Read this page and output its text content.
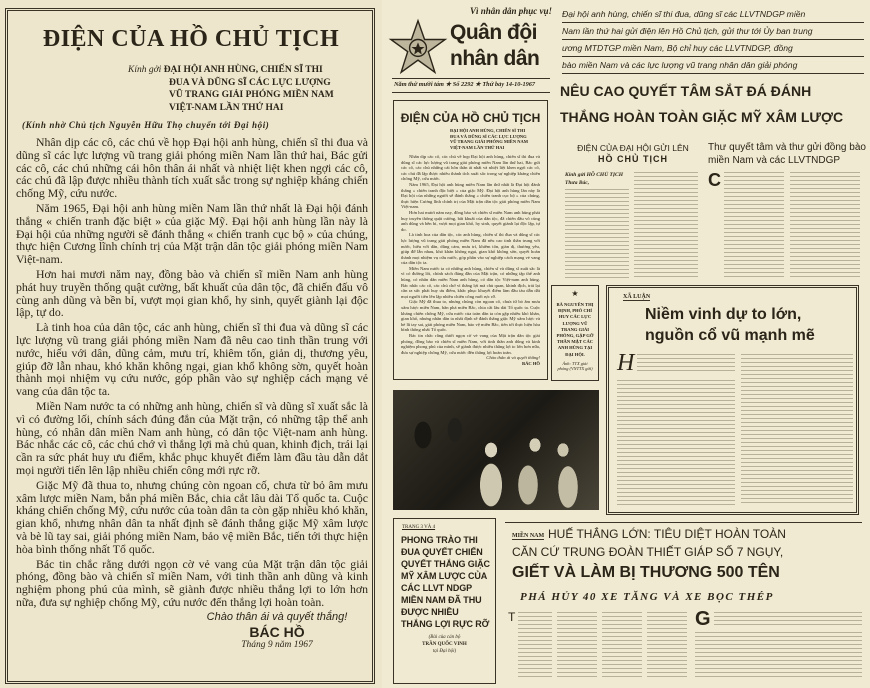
ĐIỆN CỦA HỒ CHỦ TỊCH
Kính gởi ĐẠI HỘI ANH HÙNG, CHIẾN SĨ THI
ĐUA VÀ DŨNG SĨ CÁC LỰC LƯỢNG
VŨ TRANG GIẢI PHÓNG MIỀN NAM
VIỆT-NAM LẦN THỨ HAI
(Kính nhờ Chủ tịch Nguyễn Hữu Thọ chuyển tới Đại hội)

Nhân dịp các cô, các chú về họp Đại hội anh hùng, chiến sĩ thi đua và dũng sĩ các lực lượng vũ trang giải phóng miền Nam lần thứ hai, Bác gửi các cô, các chú những cái hôn thân ái nhất và nhiệt liệt khen ngợi các cô, các chú đã lập được nhiều thành tích xuất sắc trong sự nghiệp kháng chiến chống Mỹ, cứu nước.

Năm 1965, Đại hội anh hùng miền Nam lần thứ nhất là Đại hội đánh thắng « chiến tranh đặc biệt » của giặc Mỹ. Đại hội anh hùng lần này là Đại hội của những người sẽ đánh thắng « chiến tranh cục bộ » của chúng, thực hiện Cương lĩnh chính trị của Mặt trận dân tộc giải phóng miền Nam Việt-nam.

Hơn hai mươi năm nay, đồng bào và chiến sĩ miền Nam anh hùng phát huy truyền thống quật cường, bất khuất của dân tộc, đã chiến đấu vô cùng anh dũng và bền bỉ, vượt mọi gian khổ, hy sinh, quyết giành lại độc lập, tự do.

Là tinh hoa của dân tộc, các anh hùng, chiến sĩ thi đua và dũng sĩ các lực lượng vũ trang giải phóng miền Nam đã nêu cao tinh thần trung với nước, hiếu với dân, dũng cảm, mưu trí, khiêm tốn, giản dị, thương yêu, giúp đỡ lẫn nhau, khó khăn không ngại, gian khổ không sờn, quyết hoàn thành mọi nhiệm vụ cứu nước, góp phần vào sự nghiệp cách mạng vẻ vang của dân tộc ta.

Miền Nam nước ta có những anh hùng, chiến sĩ và dũng sĩ xuất sắc là vì có đường lối, chính sách đúng đắn của Mặt trận, có những tập thể anh hùng, có nhân dân miền Nam anh hùng, có dân tộc Việt-nam anh hùng. Bác nhắc các cô, các chú chớ vì thắng lợi mà chủ quan, khinh địch, trái lại cần ra sức phát huy ưu điểm, khắc phục khuyết điểm làm đầu tàu dẫn dắt mọi người tiến lên lập nhiều chiến công mới rực rỡ.

Giặc Mỹ đã thua to, nhưng chúng còn ngoan cố, chưa từ bỏ âm mưu xâm lược miền Nam, bắn phá miền Bắc, chia cắt lâu dài Tổ quốc ta. Cuộc kháng chiến chống Mỹ, cứu nước của toàn dân ta còn gặp nhiều khó khăn, gian khổ, nhưng nhân dân ta nhất định sẽ đánh thắng giặc Mỹ xâm lược và bè lũ tay sai, giải phóng miền Nam, bảo vệ miền Bắc, tiến tới thực hiện hòa bình thống nhất Tổ quốc.

Bác tin chắc rằng dưới ngọn cờ vẻ vang của Mặt trận dân tộc giải phóng, đồng bào và chiến sĩ miền Nam, với tinh thần anh dũng và kinh nghiệm phong phú của mình, sẽ giành được nhiều thắng lợi to lớn hơn nữa, đưa sự nghiệp chống Mỹ, cứu nước đến thắng lợi hoàn toàn.

Chào thân ái và quyết thắng!
BÁC HỒ
Tháng 9 năm 1967
Vì nhân dân phục vụ!
Quân đội
nhân dân
Năm thứ mười tám ★ Số 2292 ★ Thứ bảy 14-10-1967
ĐIỆN CỦA HỒ CHỦ TỊCH
ĐẠI HỘI ANH HÙNG, CHIẾN SĨ THI
ĐUA VÀ DŨNG SĨ CÁC LỰC LƯỢNG
VŨ TRANG GIẢI PHÓNG MIỀN NAM
VIỆT-NAM LẦN THỨ HAI

Nhân dịp các cô, các chú về họp Đại hội anh hùng, chiến sĩ thi đua và dũng sĩ các lực lượng vũ trang giải phóng miền Nam lần thứ hai, Bác gửi các cô, các chú những cái hôn thân ái nhất và nhiệt liệt khen ngợi các cô, các chú đã lập được nhiều thành tích xuất sắc trong sự nghiệp kháng chiến chống Mỹ, cứu nước.

Năm 1965, Đại hội anh hùng miền Nam lần thứ nhất là Đại hội đánh thắng « chiến tranh đặc biệt » của giặc Mỹ. Đại hội anh hùng lần này là Đại hội của những người sẽ đánh thắng « chiến tranh cục bộ » của chúng, thực hiện Cương lĩnh chính trị của Mặt trận dân tộc giải phóng miền Nam Việt-nam.

Hơn hai mươi năm nay, đồng bào và chiến sĩ miền Nam anh hùng phát huy truyền thống quật cường, bất khuất của dân tộc, đã chiến đấu vô cùng anh dũng và bền bỉ, vượt mọi gian khổ, hy sinh, quyết giành lại độc lập, tự do.

Là tinh hoa của dân tộc, các anh hùng, chiến sĩ thi đua và dũng sĩ các lực lượng vũ trang giải phóng miền Nam đã nêu cao tinh thần trung với nước, hiếu với dân, dũng cảm, mưu trí, khiêm tốn, giản dị, thương yêu, giúp đỡ lẫn nhau, khó khăn không ngại, gian khổ không sờn, quyết hoàn thành mọi nhiệm vụ cứu nước, góp phần vào sự nghiệp cách mạng vẻ vang của dân tộc ta.

Miền Nam nước ta có những anh hùng, chiến sĩ và dũng sĩ xuất sắc là vì có đường lối, chính sách đúng đắn của Mặt trận, có những tập thể anh hùng, có nhân dân miền Nam anh hùng, có dân tộc Việt-nam anh hùng. Bác nhắc các cô, các chú chớ vì thắng lợi mà chủ quan, khinh địch, trái lại cần ra sức phát huy ưu điểm, khắc phục khuyết điểm làm đầu tàu dẫn dắt mọi người tiến lên lập nhiều chiến công mới rực rỡ.

Giặc Mỹ đã thua to, nhưng chúng còn ngoan cố, chưa từ bỏ âm mưu xâm lược miền Nam, bắn phá miền Bắc, chia cắt lâu dài Tổ quốc ta. Cuộc kháng chiến chống Mỹ, cứu nước của toàn dân ta còn gặp nhiều khó khăn, gian khổ, nhưng nhân dân ta nhất định sẽ đánh thắng giặc Mỹ xâm lược và bè lũ tay sai, giải phóng miền Nam, bảo vệ miền Bắc, tiến tới thực hiện hòa bình thống nhất Tổ quốc.

Bác tin chắc rằng dưới ngọn cờ vẻ vang của Mặt trận dân tộc giải phóng, đồng bào và chiến sĩ miền Nam, với tinh thần anh dũng và kinh nghiệm phong phú của mình, sẽ giành được nhiều thắng lợi to lớn hơn nữa, đưa sự nghiệp chống Mỹ, cứu nước đến thắng lợi hoàn toàn.

Chào thân ái và quyết thắng!

BÁC HỒ

Đại hội anh hùng, chiến sĩ thi đua, dũng sĩ các LLVTNDGP miền
Nam lần thứ hai gửi điện lên Hồ Chủ tịch, gửi thư tới Ủy ban trung
ương MTDTGP miền Nam, Bộ chỉ huy các LLVTNDGP, đồng
bào miền Nam và các lực lượng vũ trang nhân dân giải phóng
NÊU CAO QUYẾT TÂM SẮT ĐÁ ĐÁNH
THẮNG HOÀN TOÀN GIẶC MỸ XÂM LƯỢC
ĐIỆN CỦA ĐẠI HỘI GỬI LÊN
HỒ CHỦ TỊCH
Thư quyết tâm và thư gửi đồng bào miền Nam và các LLVTNDGP
Kính gửi HỒ CHỦ TỊCH
Thưa Bác,	C
★
BÀ NGUYỄN THỊ ĐỊNH, PHÓ CHỈ HUY CÁC LỰC LƯỢNG VŨ TRANG GIẢI PHÓNG, GẶP GỠ THÂN MẬT CÁC ANH HÙNG TẠI ĐẠI HỘI.
Ảnh: TTX giải phóng (VNTTX gửi)
XÃ LUẬN
Niềm vinh dự to lớn,
nguồn cổ vũ mạnh mẽ
H
TRANG 3 VÀ 4
PHONG TRÀO THI ĐUA QUYẾT CHIẾN QUYẾT THẮNG GIẶC MỸ XÂM LƯỢC CỦA CÁC LLVT NDGP MIỀN NAM ĐÃ THU ĐƯỢC NHIỀU THẮNG LỢI RỰC RỠ
(Bài của cán bộ
TRẦN QUỐC VINH
tại Đại hội)
MIỀN NAM HUẾ THẮNG LỚN: TIÊU DIỆT HOÀN TOÀN
CĂN CỨ TRUNG ĐOÀN THIẾT GIÁP SỐ 7 NGỤY,
GIẾT VÀ LÀM BỊ THƯƠNG 500 TÊN
PHÁ HỦY 40 XE TĂNG VÀ XE BỌC THÉP
T	G
